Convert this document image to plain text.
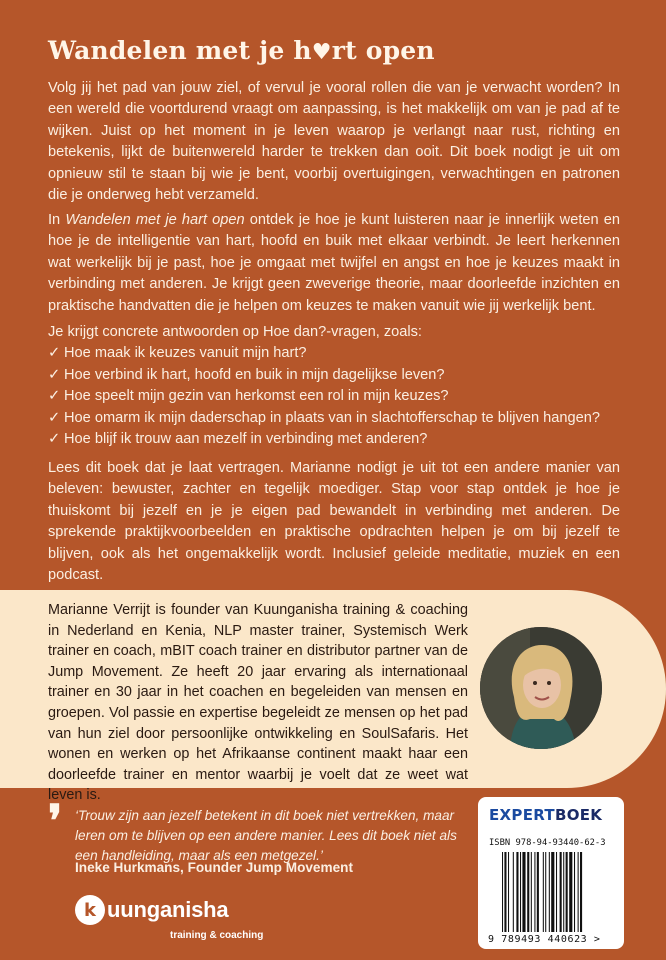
Wandelen met je h♥rt open

Volg jij het pad van jouw ziel, of vervul je vooral rollen die van je verwacht worden? In een wereld die voortdurend vraagt om aanpassing, is het makkelijk om van je pad af te wijken. Juist op het moment in je leven waarop je verlangt naar rust, richting en betekenis, lijkt de buitenwereld harder te trekken dan ooit. Dit boek nodigt je uit om opnieuw stil te staan bij wie je bent, voorbij overtuigingen, verwachtingen en patronen die je onderweg hebt verzameld.

In Wandelen met je hart open ontdek je hoe je kunt luisteren naar je innerlijk weten en hoe je de intelligentie van hart, hoofd en buik met elkaar verbindt. Je leert herkennen wat werkelijk bij je past, hoe je omgaat met twijfel en angst en hoe je keuzes maakt in verbinding met anderen. Je krijgt geen zweverige theorie, maar doorleefde inzichten en praktische handvatten die je helpen om keuzes te maken vanuit wie jij werkelijk bent.

Je krijgt concrete antwoorden op Hoe dan?-vragen, zoals:
✓ Hoe maak ik keuzes vanuit mijn hart?
✓ Hoe verbind ik hart, hoofd en buik in mijn dagelijkse leven?
✓ Hoe speelt mijn gezin van herkomst een rol in mijn keuzes?
✓ Hoe omarm ik mijn daderschap in plaats van in slachtofferschap te blijven hangen?
✓ Hoe blijf ik trouw aan mezelf in verbinding met anderen?

Lees dit boek dat je laat vertragen. Marianne nodigt je uit tot een andere manier van beleven: bewuster, zachter en tegelijk moediger. Stap voor stap ontdek je hoe je thuiskomt bij jezelf en je je eigen pad bewandelt in verbinding met anderen. De sprekende praktijkvoorbeelden en praktische opdrachten helpen je om bij jezelf te blijven, ook als het ongemakkelijk wordt. Inclusief geleide meditatie, muziek en een podcast.

Marianne Verrijt is founder van Kuunganisha training & coaching in Nederland en Kenia, NLP master trainer, Systemisch Werk trainer en coach, mBIT coach trainer en distributor partner van de Jump Movement. Ze heeft 20 jaar ervaring als internationaal trainer en 30 jaar in het coachen en begeleiden van mensen en groepen. Vol passie en expertise begeleidt ze mensen op het pad van hun ziel door persoonlijke ontwikkeling en SoulSafaris. Het wonen en werken op het Afrikaanse continent maakt haar een doorleefde trainer en mentor waarbij je voelt dat ze weet wat leven is.

❜ ‘Trouw zijn aan jezelf betekent in dit boek niet vertrekken, maar leren om te blijven op een andere manier. Lees dit boek niet als een handleiding, maar als een metgezel.’

Ineke Hurkmans, Founder Jump Movement

k uunganisha
training & coaching
EXPERTBOEK
ISBN 978-94-93440-62-3
9 789493 440623 >
